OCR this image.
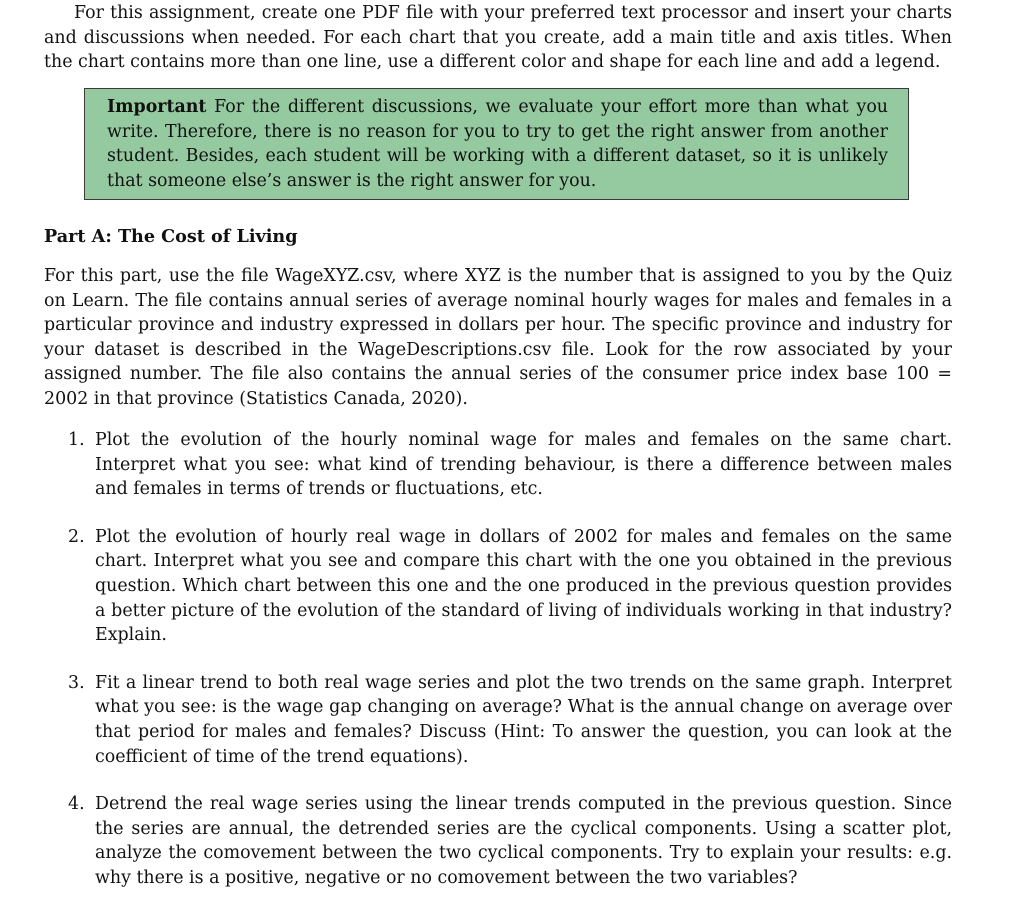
For this assignment, create one PDF file with your preferred text processor and insert your charts and discussions when needed. For each chart that you create, add a main title and axis titles. When the chart contains more than one line, use a different color and shape for each line and add a legend.

Important For the different discussions, we evaluate your effort more than what you write. Therefore, there is no reason for you to try to get the right answer from another student. Besides, each student will be working with a different dataset, so it is unlikely that someone else’s answer is the right answer for you.

Part A: The Cost of Living

For this part, use the file WageXYZ.csv, where XYZ is the number that is assigned to you by the Quiz on Learn. The file contains annual series of average nominal hourly wages for males and females in a particular province and industry expressed in dollars per hour. The specific province and industry for your dataset is described in the WageDescriptions.csv file. Look for the row associated by your assigned number. The file also contains the annual series of the consumer price index base 100 = 2002 in that province (Statistics Canada, 2020).

1. Plot the evolution of the hourly nominal wage for males and females on the same chart. Interpret what you see: what kind of trending behaviour, is there a difference between males and females in terms of trends or fluctuations, etc.

2. Plot the evolution of hourly real wage in dollars of 2002 for males and females on the same chart. Interpret what you see and compare this chart with the one you obtained in the previous question. Which chart between this one and the one produced in the previous question provides a better picture of the evolution of the standard of living of individuals working in that industry? Explain.

3. Fit a linear trend to both real wage series and plot the two trends on the same graph. Interpret what you see: is the wage gap changing on average? What is the annual change on average over that period for males and females? Discuss (Hint: To answer the question, you can look at the coefficient of time of the trend equations).

4. Detrend the real wage series using the linear trends computed in the previous question. Since the series are annual, the detrended series are the cyclical components. Using a scatter plot, analyze the comovement between the two cyclical components. Try to explain your results: e.g. why there is a positive, negative or no comovement between the two variables?
